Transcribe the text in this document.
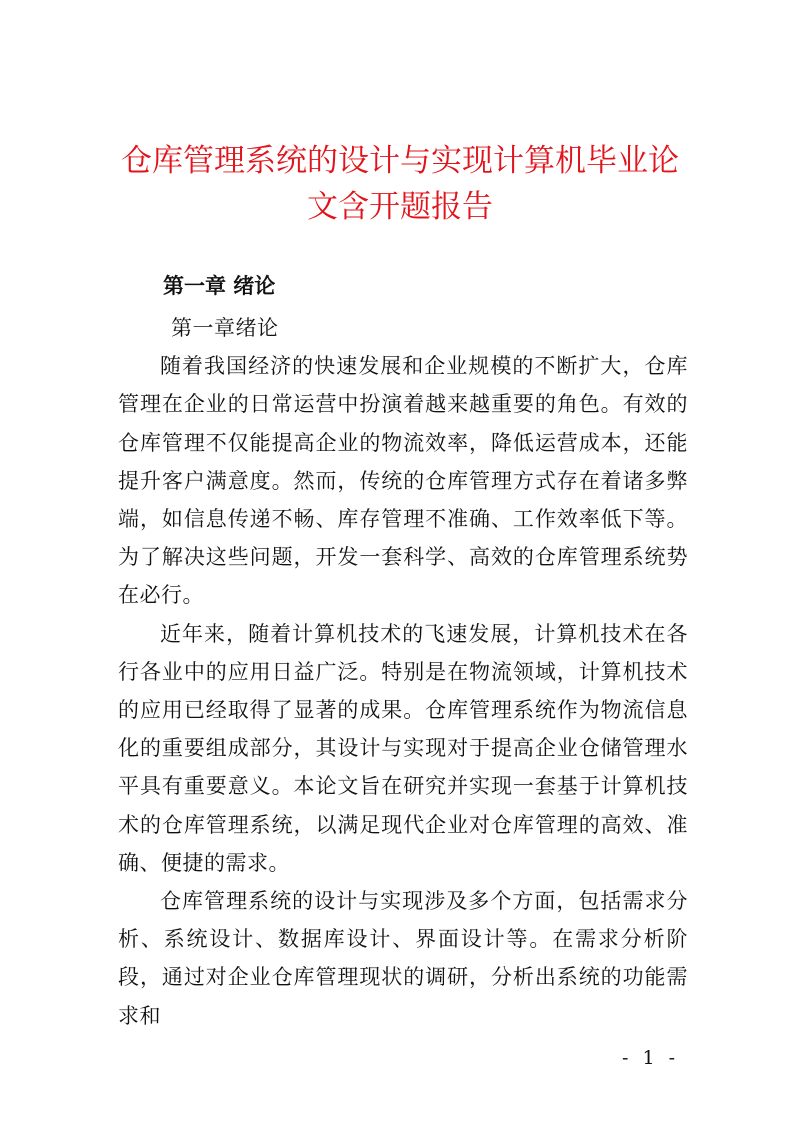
仓库管理系统的设计与实现计算机毕业论
文含开题报告
第一章 绪论

第一章绪论

随着我国经济的快速发展和企业规模的不断扩大，仓库管理在企业的日常运营中扮演着越来越重要的角色。有效的仓库管理不仅能提高企业的物流效率，降低运营成本，还能提升客户满意度。然而，传统的仓库管理方式存在着诸多弊端，如信息传递不畅、库存管理不准确、工作效率低下等。为了解决这些问题，开发一套科学、高效的仓库管理系统势在必行。

近年来，随着计算机技术的飞速发展，计算机技术在各行各业中的应用日益广泛。特别是在物流领域，计算机技术的应用已经取得了显著的成果。仓库管理系统作为物流信息化的重要组成部分，其设计与实现对于提高企业仓储管理水平具有重要意义。本论文旨在研究并实现一套基于计算机技术的仓库管理系统，以满足现代企业对仓库管理的高效、准确、便捷的需求。

仓库管理系统的设计与实现涉及多个方面，包括需求分析、系统设计、数据库设计、界面设计等。在需求分析阶段，通过对企业仓库管理现状的调研，分析出系统的功能需求和

- 1 -
